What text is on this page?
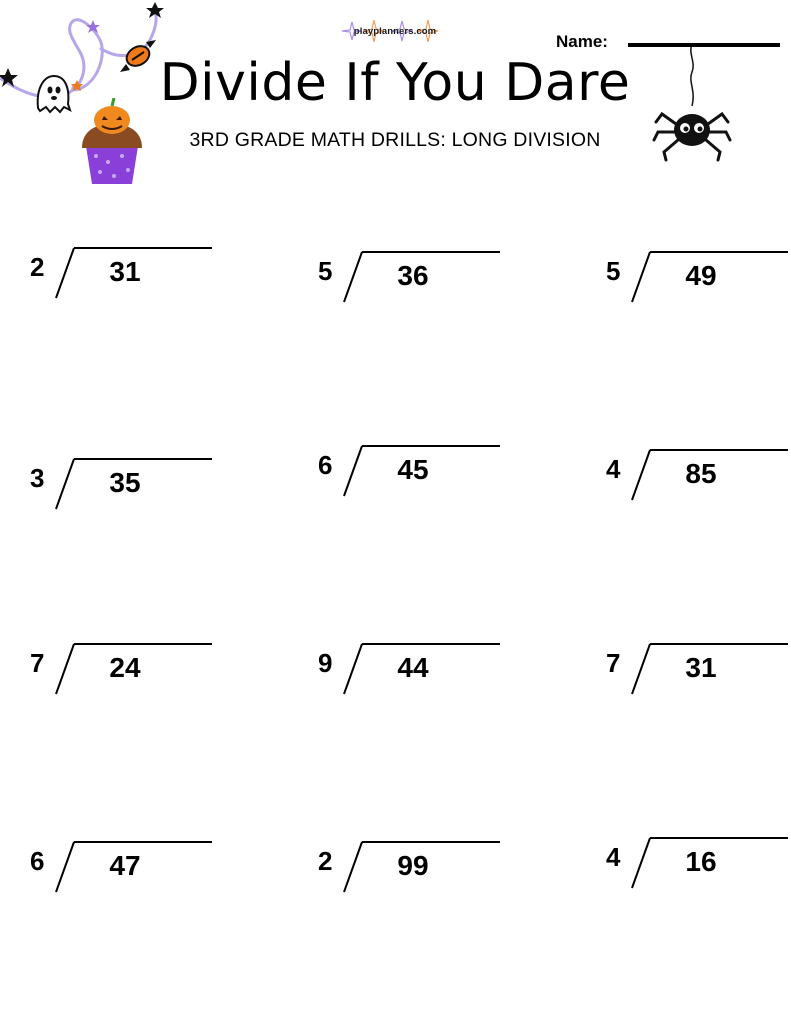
playplanners.com
Name:
Divide If You Dare
3RD GRADE MATH DRILLS: LONG DIVISION
2	31	5	36	5	49
3	35
6	45	4	85
7	24	9	44	7	31
6	47	2	99	4	16
